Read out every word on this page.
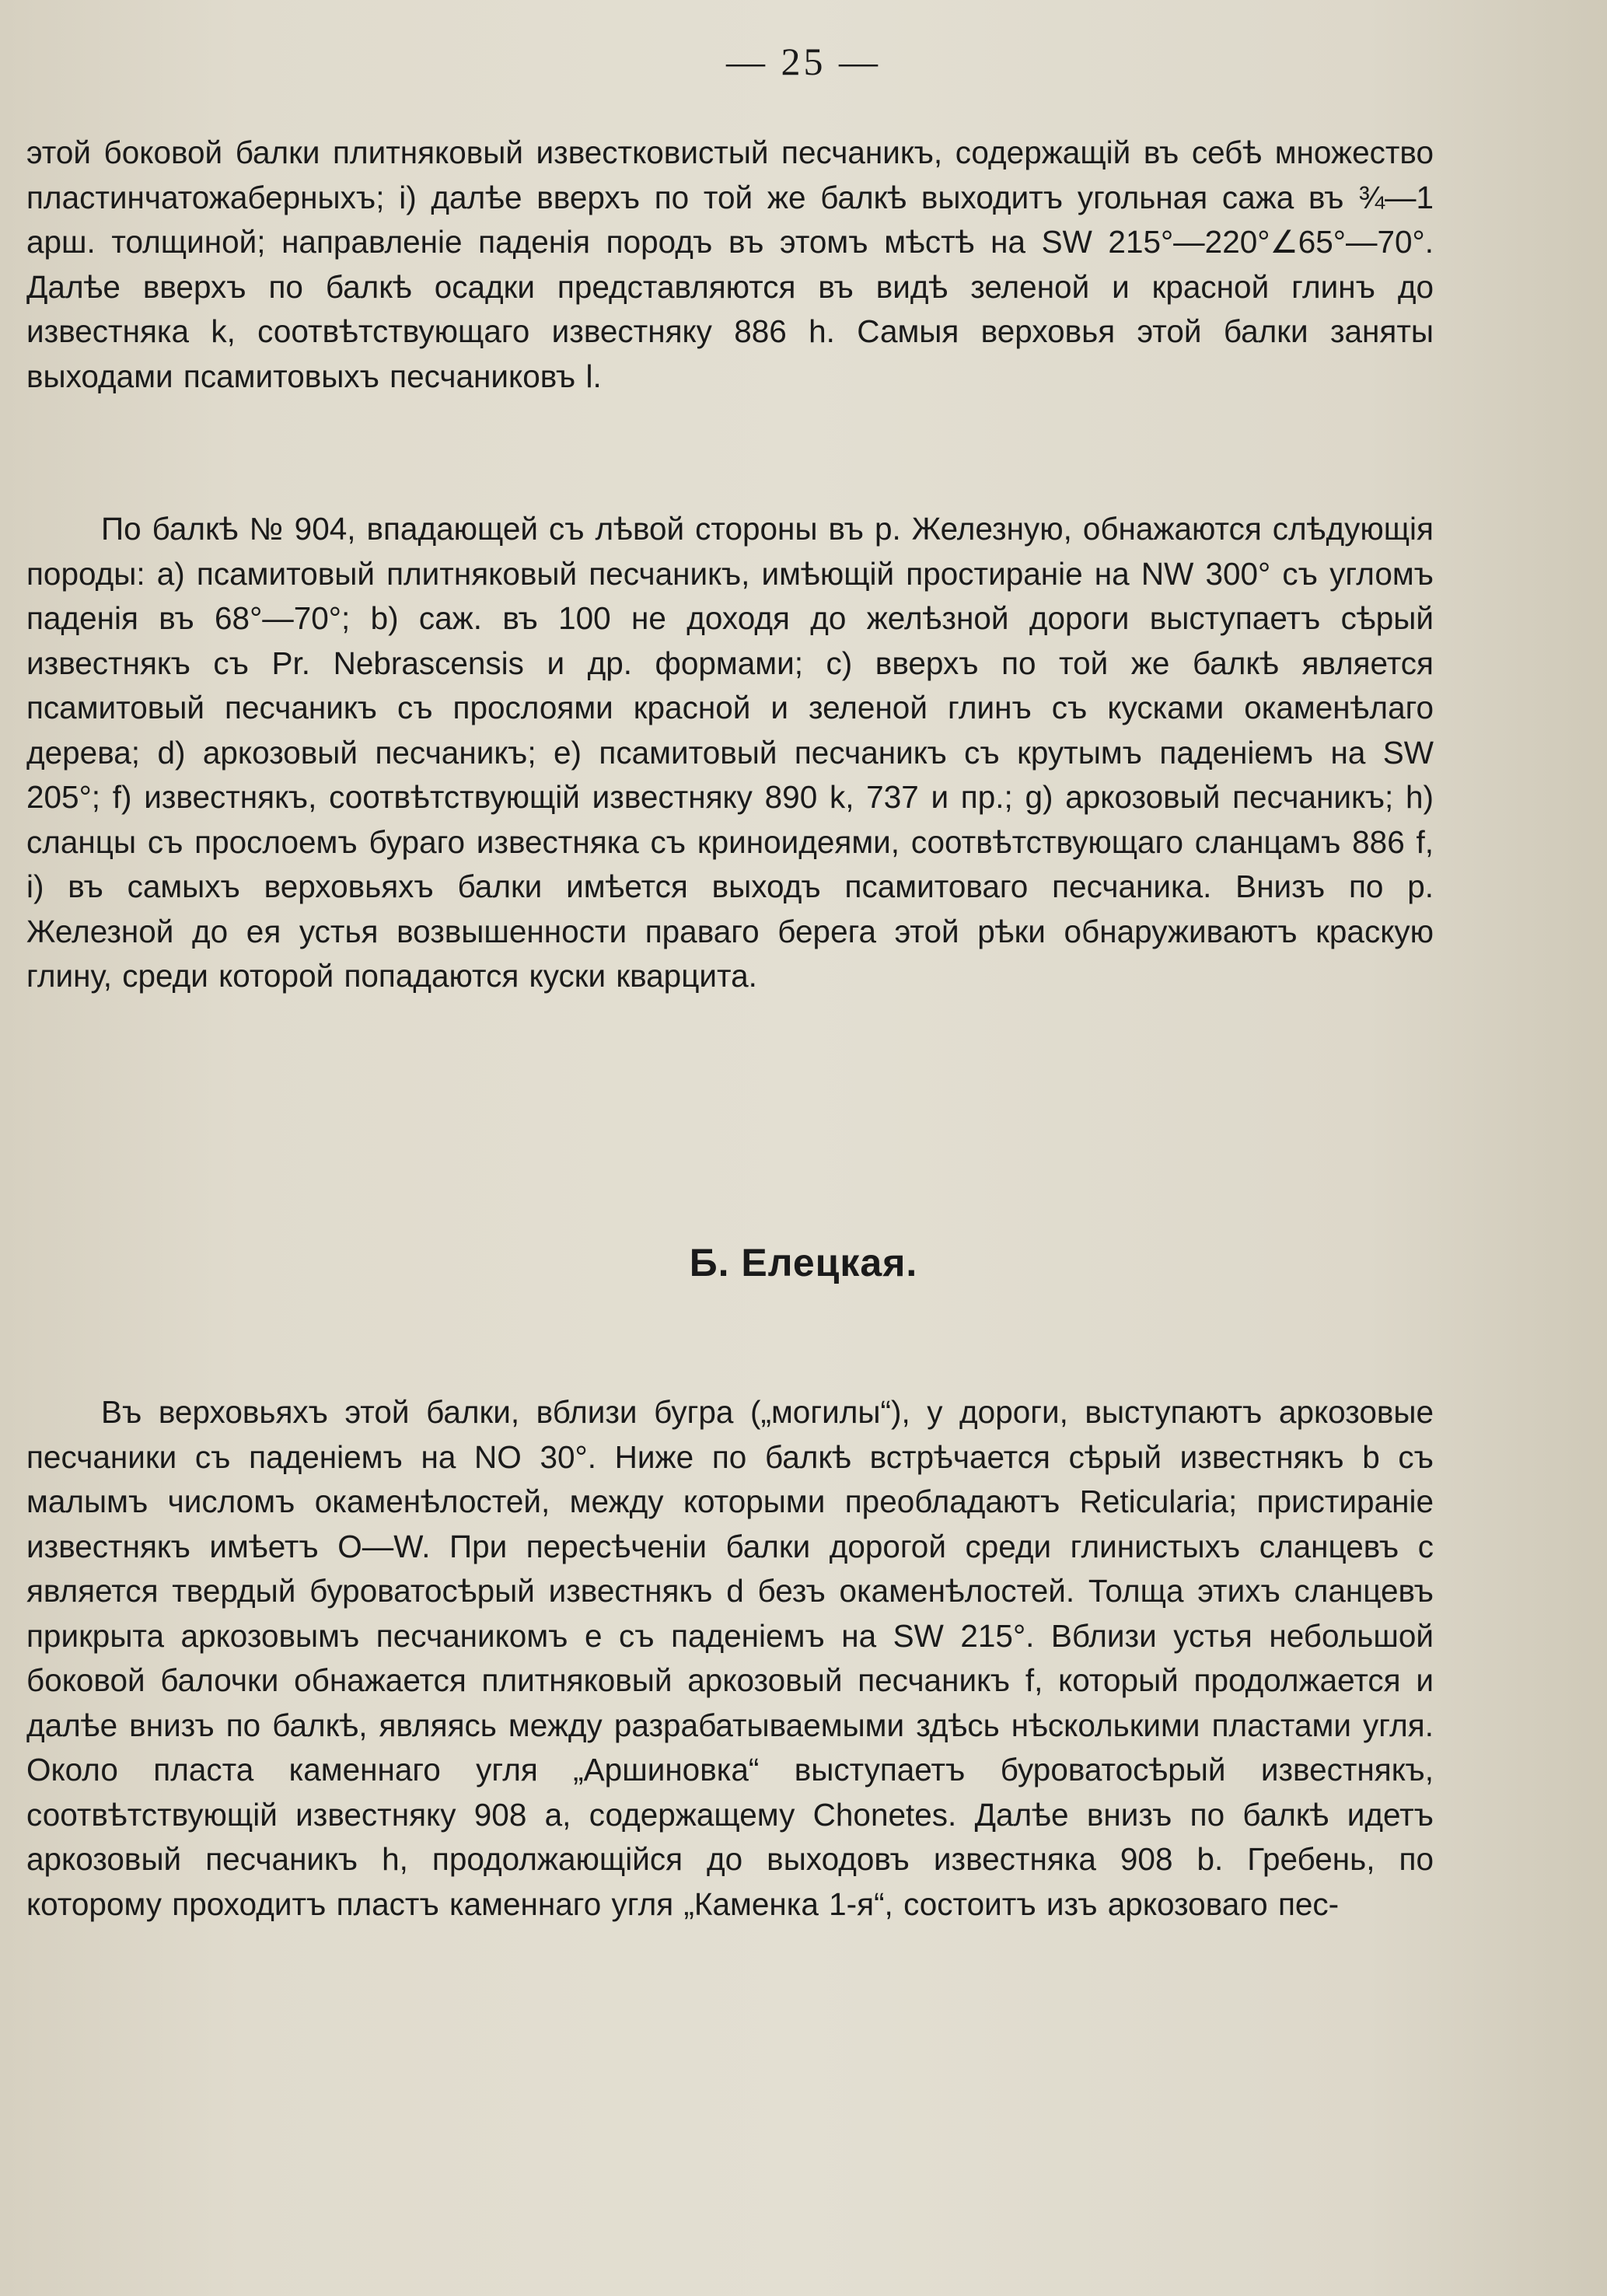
— 25 —

этой боковой балки плитняковый известковистый песчаникъ, содержащій въ себѣ множество пластинчатожаберныхъ; i) далѣе вверхъ по той же балкѣ выходитъ угольная сажа въ ¾—1 арш. толщиной; направленіе паденія породъ въ этомъ мѣстѣ на SW 215°—220°∠65°—70°. Далѣе вверхъ по балкѣ осадки представляются въ видѣ зеленой и красной глинъ до известняка k, соотвѣтствующаго известняку 886 h. Самыя верховья этой балки заняты выходами псамитовыхъ песчаниковъ l.

По балкѣ № 904, впадающей съ лѣвой стороны въ р. Железную, обнажаются слѣдующія породы: a) псамитовый плитняковый песчаникъ, имѣющій простираніе на NW 300° съ угломъ паденія въ 68°—70°; b) саж. въ 100 не доходя до желѣзной дороги выступаетъ сѣрый известнякъ съ Pr. Nebrascensis и др. формами; c) вверхъ по той же балкѣ является псамитовый песчаникъ съ прослоями красной и зеленой глинъ съ кусками окаменѣлаго дерева; d) аркозовый песчаникъ; e) псамитовый песчаникъ съ крутымъ паденіемъ на SW 205°; f) известнякъ, соотвѣтствующій известняку 890 k, 737 и пр.; g) аркозовый песчаникъ; h) сланцы съ прослоемъ бураго известняка съ криноидеями, соотвѣтствующаго сланцамъ 886 f, i) въ самыхъ верховьяхъ балки имѣется выходъ псамитоваго песчаника. Внизъ по р. Железной до ея устья возвышенности праваго берега этой рѣки обнаруживаютъ краскую глину, среди которой попадаются куски кварцита.

Б. Елецкая.

Въ верховьяхъ этой балки, вблизи бугра („могилы“), у дороги, выступаютъ аркозовые песчаники съ паденіемъ на NO 30°. Ниже по балкѣ встрѣчается сѣрый известнякъ b съ малымъ числомъ окаменѣлостей, между которыми преобладаютъ Reticularia; пристираніе известнякъ имѣетъ O—W. При пересѣченіи балки дорогой среди глинистыхъ сланцевъ c является твердый буроватосѣрый известнякъ d безъ окаменѣлостей. Толща этихъ сланцевъ прикрыта аркозовымъ песчаникомъ e съ паденіемъ на SW 215°. Вблизи устья небольшой боковой балочки обнажается плитняковый аркозовый песчаникъ f, который продолжается и далѣе внизъ по балкѣ, являясь между разрабатываемыми здѣсь нѣсколькими пластами угля. Около пласта каменнаго угля „Аршиновка“ выступаетъ буроватосѣрый известнякъ, соотвѣтствующій известняку 908 a, содержащему Chonetes. Далѣе внизъ по балкѣ идетъ аркозовый песчаникъ h, продолжающійся до выходовъ известняка 908 b. Гребень, по которому проходитъ пластъ каменнаго угля „Каменка 1-я“, состоитъ изъ аркозоваго пес-
